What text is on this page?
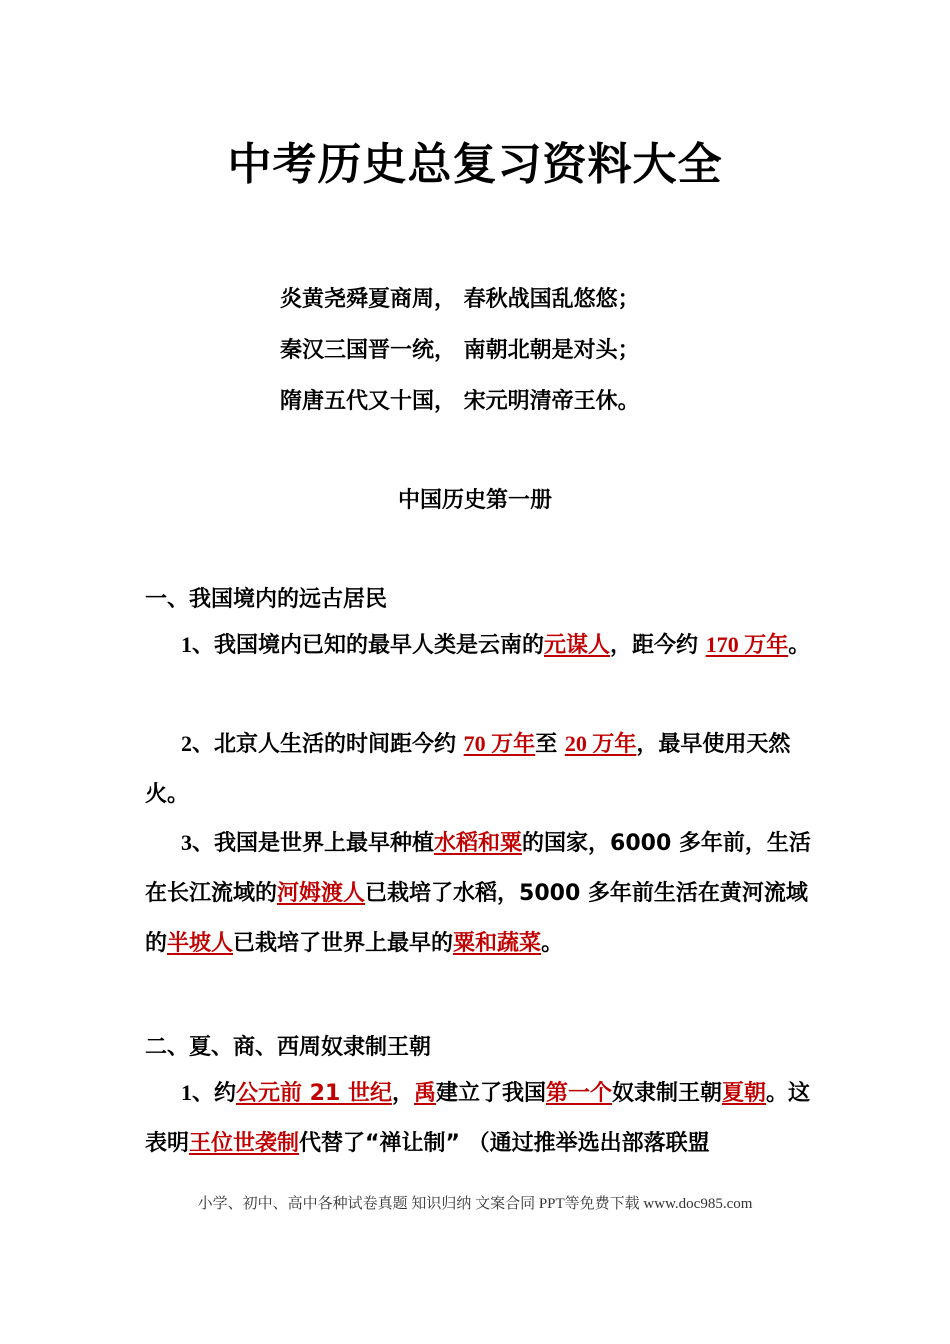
中考历史总复习资料大全
炎黄尧舜夏商周， 春秋战国乱悠悠；
秦汉三国晋一统， 南朝北朝是对头；
隋唐五代又十国， 宋元明清帝王休。
中国历史第一册
一、我国境内的远古居民
1、我国境内已知的最早人类是云南的元谋人，距今约 170 万年。
2、北京人生活的时间距今约 70 万年至 20 万年，最早使用天然火。
3、我国是世界上最早种植水稻和粟的国家，6000 多年前，生活在长江流域的河姆渡人已栽培了水稻，5000 多年前生活在黄河流域的半坡人已栽培了世界上最早的粟和蔬菜。
二、夏、商、西周奴隶制王朝
1、约公元前 21 世纪，禹建立了我国第一个奴隶制王朝夏朝。这表明王位世袭制代替了“禅让制” （通过推举选出部落联盟
小学、初中、高中各种试卷真题 知识归纳 文案合同 PPT等免费下载 www.doc985.com
